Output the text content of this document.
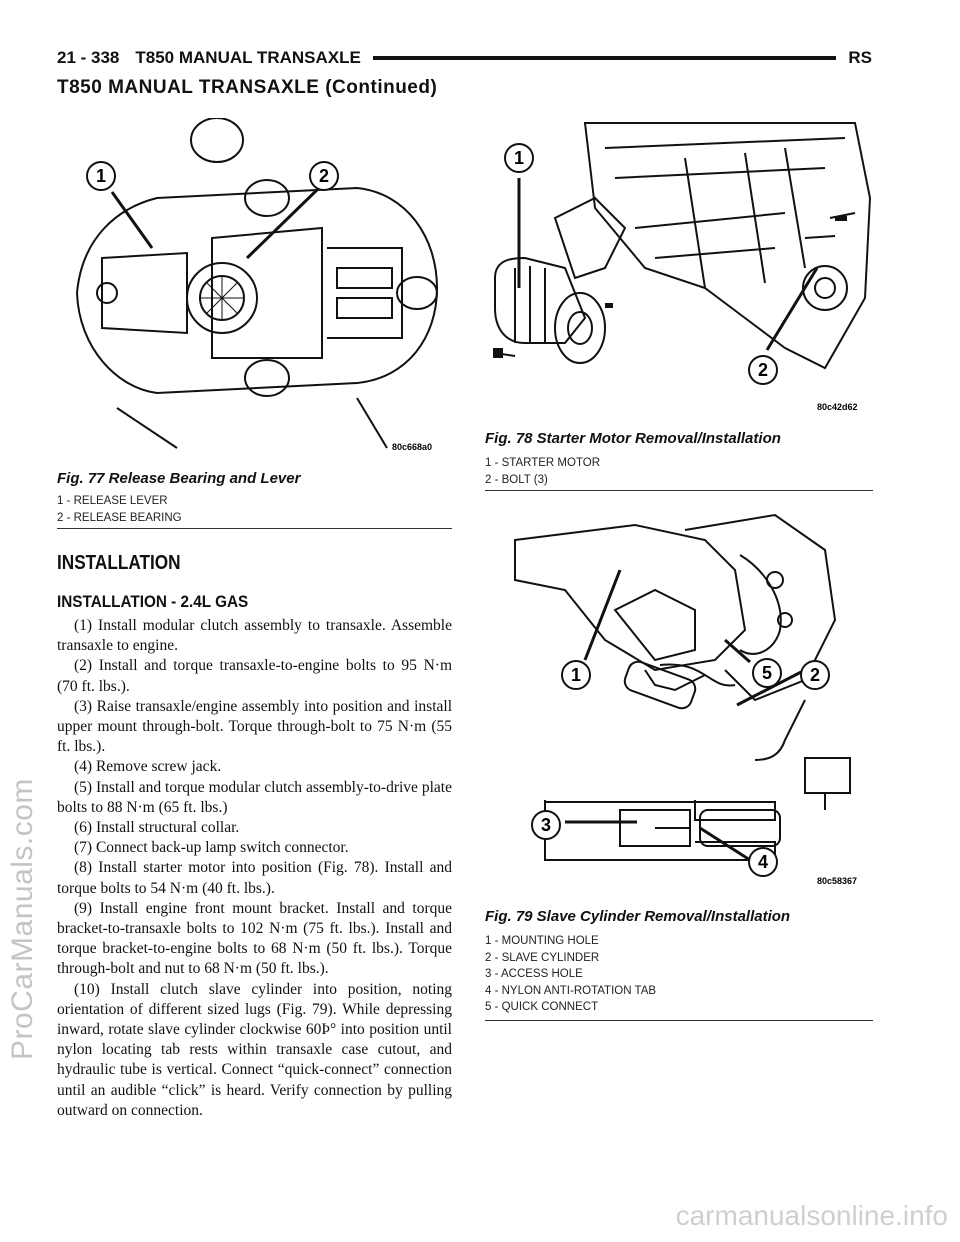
21 - 338 T850 MANUAL TRANSAXLE	RS
T850 MANUAL TRANSAXLE (Continued)
1	2
80c668a0
Fig. 77 Release Bearing and Lever
1 - RELEASE LEVER
2 - RELEASE BEARING
1
2
80c42d62
Fig. 78 Starter Motor Removal/Installation
1 - STARTER MOTOR
2 - BOLT (3)
1	5 2
3
4
80c58367
Fig. 79 Slave Cylinder Removal/Installation
1 - MOUNTING HOLE
2 - SLAVE CYLINDER
3 - ACCESS HOLE
4 - NYLON ANTI-ROTATION TAB
5 - QUICK CONNECT
INSTALLATION
INSTALLATION - 2.4L GAS

(1) Install modular clutch assembly to transaxle. Assemble transaxle to engine.

(2) Install and torque transaxle-to-engine bolts to 95 N·m (70 ft. lbs.).

(3) Raise transaxle/engine assembly into position and install upper mount through-bolt. Torque through-bolt to 75 N·m (55 ft. lbs.).

(4) Remove screw jack.

(5) Install and torque modular clutch assembly-to-drive plate bolts to 88 N·m (65 ft. lbs.)

(6) Install structural collar.

(7) Connect back-up lamp switch connector.

(8) Install starter motor into position (Fig. 78). Install and torque bolts to 54 N·m (40 ft. lbs.).

(9) Install engine front mount bracket. Install and torque bracket-to-transaxle bolts to 102 N·m (75 ft. lbs.). Install and torque bracket-to-engine bolts to 68 N·m (50 ft. lbs.). Torque through-bolt and nut to 68 N·m (50 ft. lbs.).

(10) Install clutch slave cylinder into position, noting orientation of different sized lugs (Fig. 79). While depressing inward, rotate slave cylinder clockwise 60Þ° into position until nylon locating tab rests within transaxle case cutout, and hydraulic tube is vertical. Connect “quick-connect” connection until an audible “click” is heard. Verify connection by pulling outward on connection.

ProCarManuals.com
carmanualsonline.info
